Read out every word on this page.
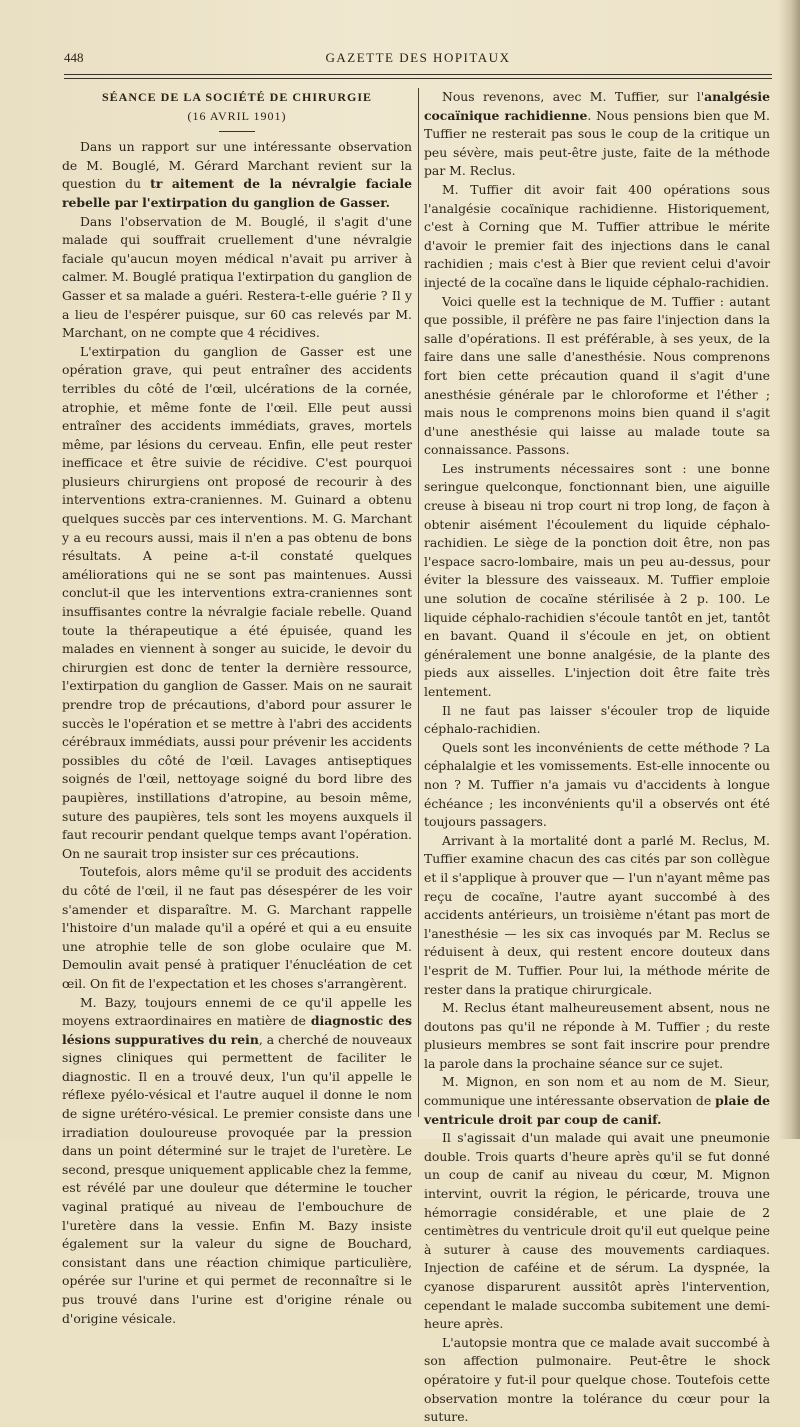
448	GAZETTE DES HOPITAUX

SÉANCE DE LA SOCIÉTÉ DE CHIRURGIE

(16 AVRIL 1901)

Dans un rapport sur une intéressante observation de M. Bouglé, M. Gérard Marchant revient sur la question du tr aitement de la névralgie faciale rebelle par l'extirpation du ganglion de Gasser.

Dans l'observation de M. Bouglé, il s'agit d'une malade qui souffrait cruellement d'une névralgie faciale qu'aucun moyen médical n'avait pu arriver à calmer. M. Bouglé pratiqua l'extirpation du ganglion de Gasser et sa malade a guéri. Restera-t-elle guérie ? Il y a lieu de l'espérer puisque, sur 60 cas relevés par M. Marchant, on ne compte que 4 récidives.

L'extirpation du ganglion de Gasser est une opération grave, qui peut entraîner des accidents terribles du côté de l'œil, ulcérations de la cornée, atrophie, et même fonte de l'œil. Elle peut aussi entraîner des accidents immédiats, graves, mortels même, par lésions du cerveau. Enfin, elle peut rester inefficace et être suivie de récidive. C'est pourquoi plusieurs chirurgiens ont proposé de recourir à des interventions extra-craniennes. M. Guinard a obtenu quelques succès par ces interventions. M. G. Marchant y a eu recours aussi, mais il n'en a pas obtenu de bons résultats. A peine a-t-il constaté quelques améliorations qui ne se sont pas maintenues. Aussi conclut-il que les interventions extra-craniennes sont insuffisantes contre la névralgie faciale rebelle. Quand toute la thérapeutique a été épuisée, quand les malades en viennent à songer au suicide, le devoir du chirurgien est donc de tenter la dernière ressource, l'extirpation du ganglion de Gasser. Mais on ne saurait prendre trop de précautions, d'abord pour assurer le succès le l'opération et se mettre à l'abri des accidents cérébraux immédiats, aussi pour prévenir les accidents possibles du côté de l'œil. Lavages antiseptiques soignés de l'œil, nettoyage soigné du bord libre des paupières, instillations d'atropine, au besoin même, suture des paupières, tels sont les moyens auxquels il faut recourir pendant quelque temps avant l'opération. On ne saurait trop insister sur ces précautions.

Toutefois, alors même qu'il se produit des accidents du côté de l'œil, il ne faut pas désespérer de les voir s'amender et disparaître. M. G. Marchant rappelle l'histoire d'un malade qu'il a opéré et qui a eu ensuite une atrophie telle de son globe oculaire que M. Demoulin avait pensé à pratiquer l'énucléation de cet œil. On fit de l'expectation et les choses s'arrangèrent.

M. Bazy, toujours ennemi de ce qu'il appelle les moyens extraordinaires en matière de diagnostic des lésions suppuratives du rein, a cherché de nouveaux signes cliniques qui permettent de faciliter le diagnostic. Il en a trouvé deux, l'un qu'il appelle le réflexe pyélo-vésical et l'autre auquel il donne le nom de signe urétéro-vésical. Le premier consiste dans une irradiation douloureuse provoquée par la pression dans un point déterminé sur le trajet de l'uretère. Le second, presque uniquement applicable chez la femme, est révélé par une douleur que détermine le toucher vaginal pratiqué au niveau de l'embouchure de l'uretère dans la vessie. Enfin M. Bazy insiste également sur la valeur du signe de Bouchard, consistant dans une réaction chimique particulière, opérée sur l'urine et qui permet de reconnaître si le pus trouvé dans l'urine est d'origine rénale ou d'origine vésicale.

Nous revenons, avec M. Tuffier, sur l'analgésie cocaïnique rachidienne. Nous pensions bien que M. Tuffier ne resterait pas sous le coup de la critique un peu sévère, mais peut-être juste, faite de la méthode par M. Reclus.

M. Tuffier dit avoir fait 400 opérations sous l'analgésie cocaïnique rachidienne. Historiquement, c'est à Corning que M. Tuffier attribue le mérite d'avoir le premier fait des injections dans le canal rachidien ; mais c'est à Bier que revient celui d'avoir injecté de la cocaïne dans le liquide céphalo-rachidien.

Voici quelle est la technique de M. Tuffier : autant que possible, il préfère ne pas faire l'injection dans la salle d'opérations. Il est préférable, à ses yeux, de la faire dans une salle d'anesthésie. Nous comprenons fort bien cette précaution quand il s'agit d'une anesthésie générale par le chloroforme et l'éther ; mais nous le comprenons moins bien quand il s'agit d'une anesthésie qui laisse au malade toute sa connaissance. Passons.

Les instruments nécessaires sont : une bonne seringue quelconque, fonctionnant bien, une aiguille creuse à biseau ni trop court ni trop long, de façon à obtenir aisément l'écoulement du liquide céphalo-rachidien. Le siège de la ponction doit être, non pas l'espace sacro-lombaire, mais un peu au-dessus, pour éviter la blessure des vaisseaux. M. Tuffier emploie une solution de cocaïne stérilisée à 2 p. 100. Le liquide céphalo-rachidien s'écoule tantôt en jet, tantôt en bavant. Quand il s'écoule en jet, on obtient généralement une bonne analgésie, de la plante des pieds aux aisselles. L'injection doit être faite très lentement.

Il ne faut pas laisser s'écouler trop de liquide céphalo-rachidien.

Quels sont les inconvénients de cette méthode ? La céphalalgie et les vomissements. Est-elle innocente ou non ? M. Tuffier n'a jamais vu d'accidents à longue échéance ; les inconvénients qu'il a observés ont été toujours passagers.

Arrivant à la mortalité dont a parlé M. Reclus, M. Tuffier examine chacun des cas cités par son collègue et il s'applique à prouver que — l'un n'ayant même pas reçu de cocaïne, l'autre ayant succombé à des accidents antérieurs, un troisième n'étant pas mort de l'anesthésie — les six cas invoqués par M. Reclus se réduisent à deux, qui restent encore douteux dans l'esprit de M. Tuffier. Pour lui, la méthode mérite de rester dans la pratique chirurgicale.

M. Reclus étant malheureusement absent, nous ne doutons pas qu'il ne réponde à M. Tuffier ; du reste plusieurs membres se sont fait inscrire pour prendre la parole dans la prochaine séance sur ce sujet.

M. Mignon, en son nom et au nom de M. Sieur, communique une intéressante observation de plaie de ventricule droit par coup de canif.

Il s'agissait d'un malade qui avait une pneumonie double. Trois quarts d'heure après qu'il se fut donné un coup de canif au niveau du cœur, M. Mignon intervint, ouvrit la région, le péricarde, trouva une hémorragie considérable, et une plaie de 2 centimètres du ventricule droit qu'il eut quelque peine à suturer à cause des mouvements cardiaques. Injection de caféine et de sérum. La dyspnée, la cyanose disparurent aussitôt après l'intervention, cependant le malade succomba subitement une demi-heure après.

L'autopsie montra que ce malade avait succombé à son affection pulmonaire. Peut-être le shock opératoire y fut-il pour quelque chose. Toutefois cette observation montre la tolérance du cœur pour la suture.
